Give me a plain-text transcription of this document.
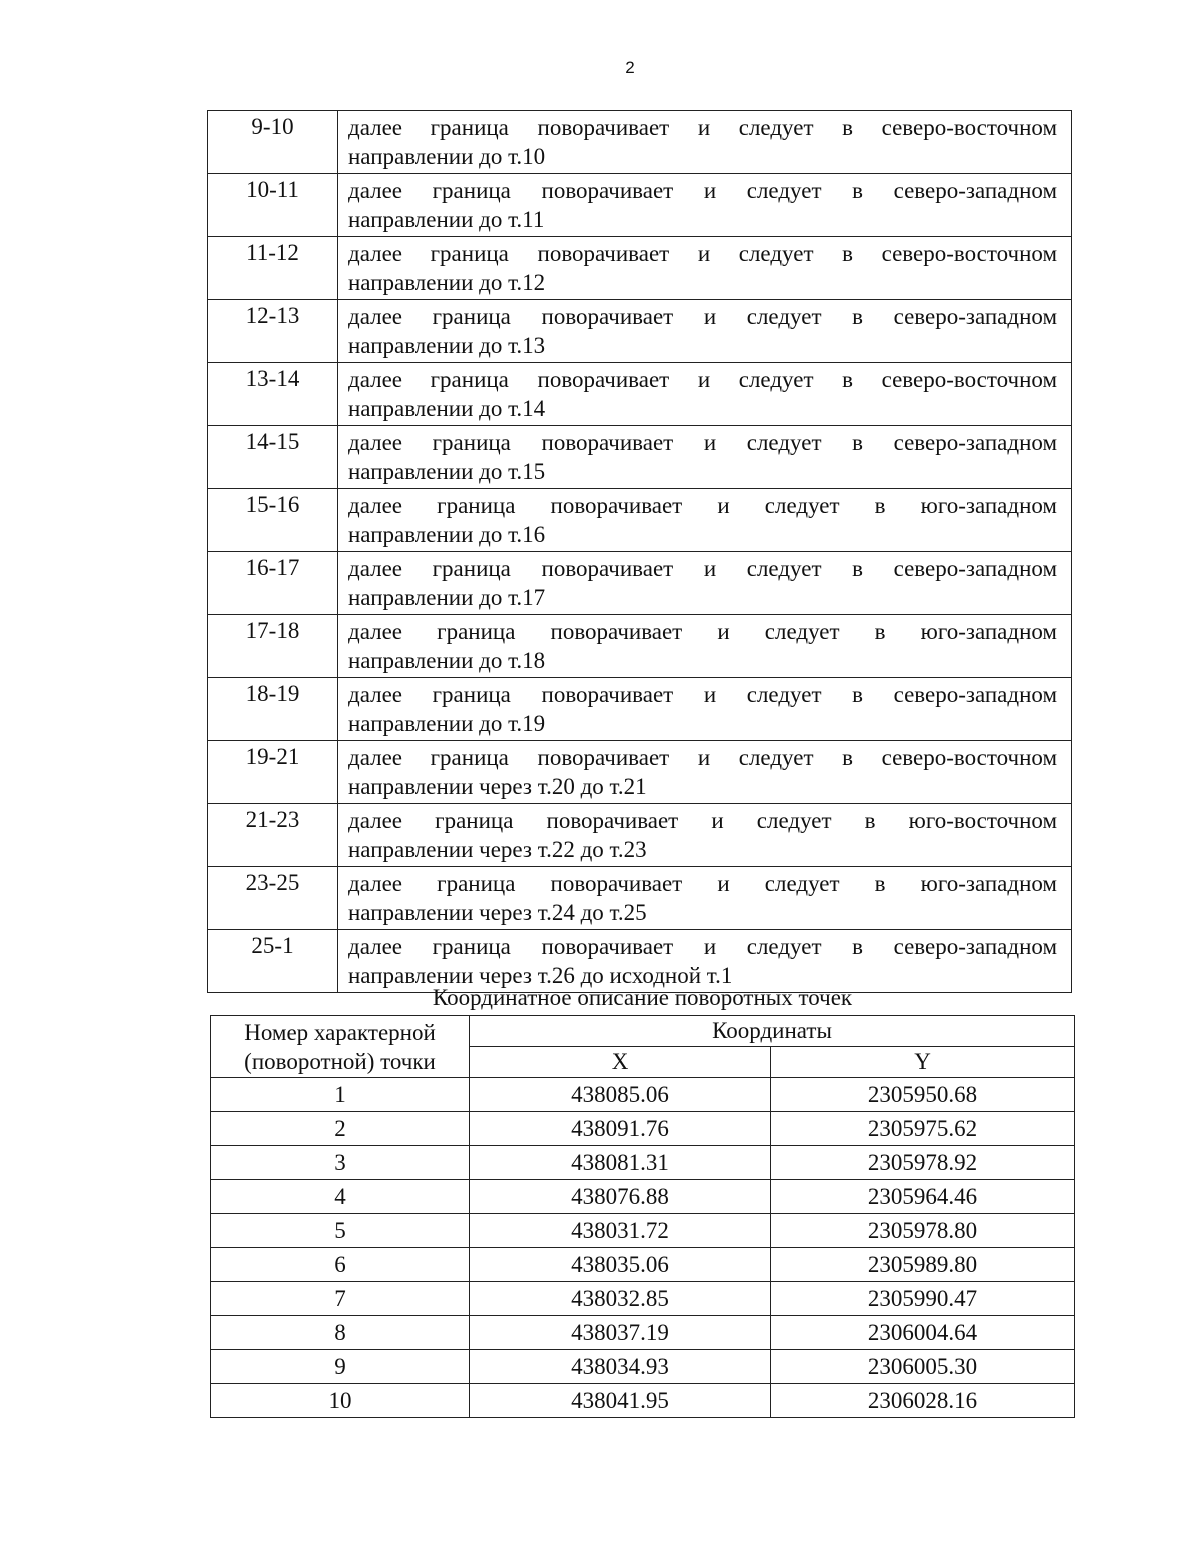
2
9-10	далее граница поворачивает и следует в северо-восточном
направлении до т.10

10-11	далее граница поворачивает и следует в северо-западном
направлении до т.11

11-12	далее граница поворачивает и следует в северо-восточном
направлении до т.12

12-13	далее граница поворачивает и следует в северо-западном
направлении до т.13

13-14	далее граница поворачивает и следует в северо-восточном
направлении до т.14

14-15	далее граница поворачивает и следует в северо-западном
направлении до т.15

15-16	далее граница поворачивает и следует в юго-западном
направлении до т.16

16-17	далее граница поворачивает и следует в северо-западном
направлении до т.17

17-18	далее граница поворачивает и следует в юго-западном
направлении до т.18

18-19	далее граница поворачивает и следует в северо-западном
направлении до т.19

19-21	далее граница поворачивает и следует в северо-восточном
направлении через т.20 до т.21

21-23	далее граница поворачивает и следует в юго-восточном
направлении через т.22 до т.23

23-25	далее граница поворачивает и следует в юго-западном
направлении через т.24 до т.25

25-1	далее граница поворачивает и следует в северо-западном
направлении через т.26 до исходной т.1
Координатное описание поворотных точек
Номер характерной
(поворотной) точки	Координаты	
	X	Y
1	438085.06	2305950.68
2	438091.76	2305975.62
3	438081.31	2305978.92
4	438076.88	2305964.46
5	438031.72	2305978.80
6	438035.06	2305989.80
7	438032.85	2305990.47
8	438037.19	2306004.64
9	438034.93	2306005.30
10	438041.95	2306028.16
